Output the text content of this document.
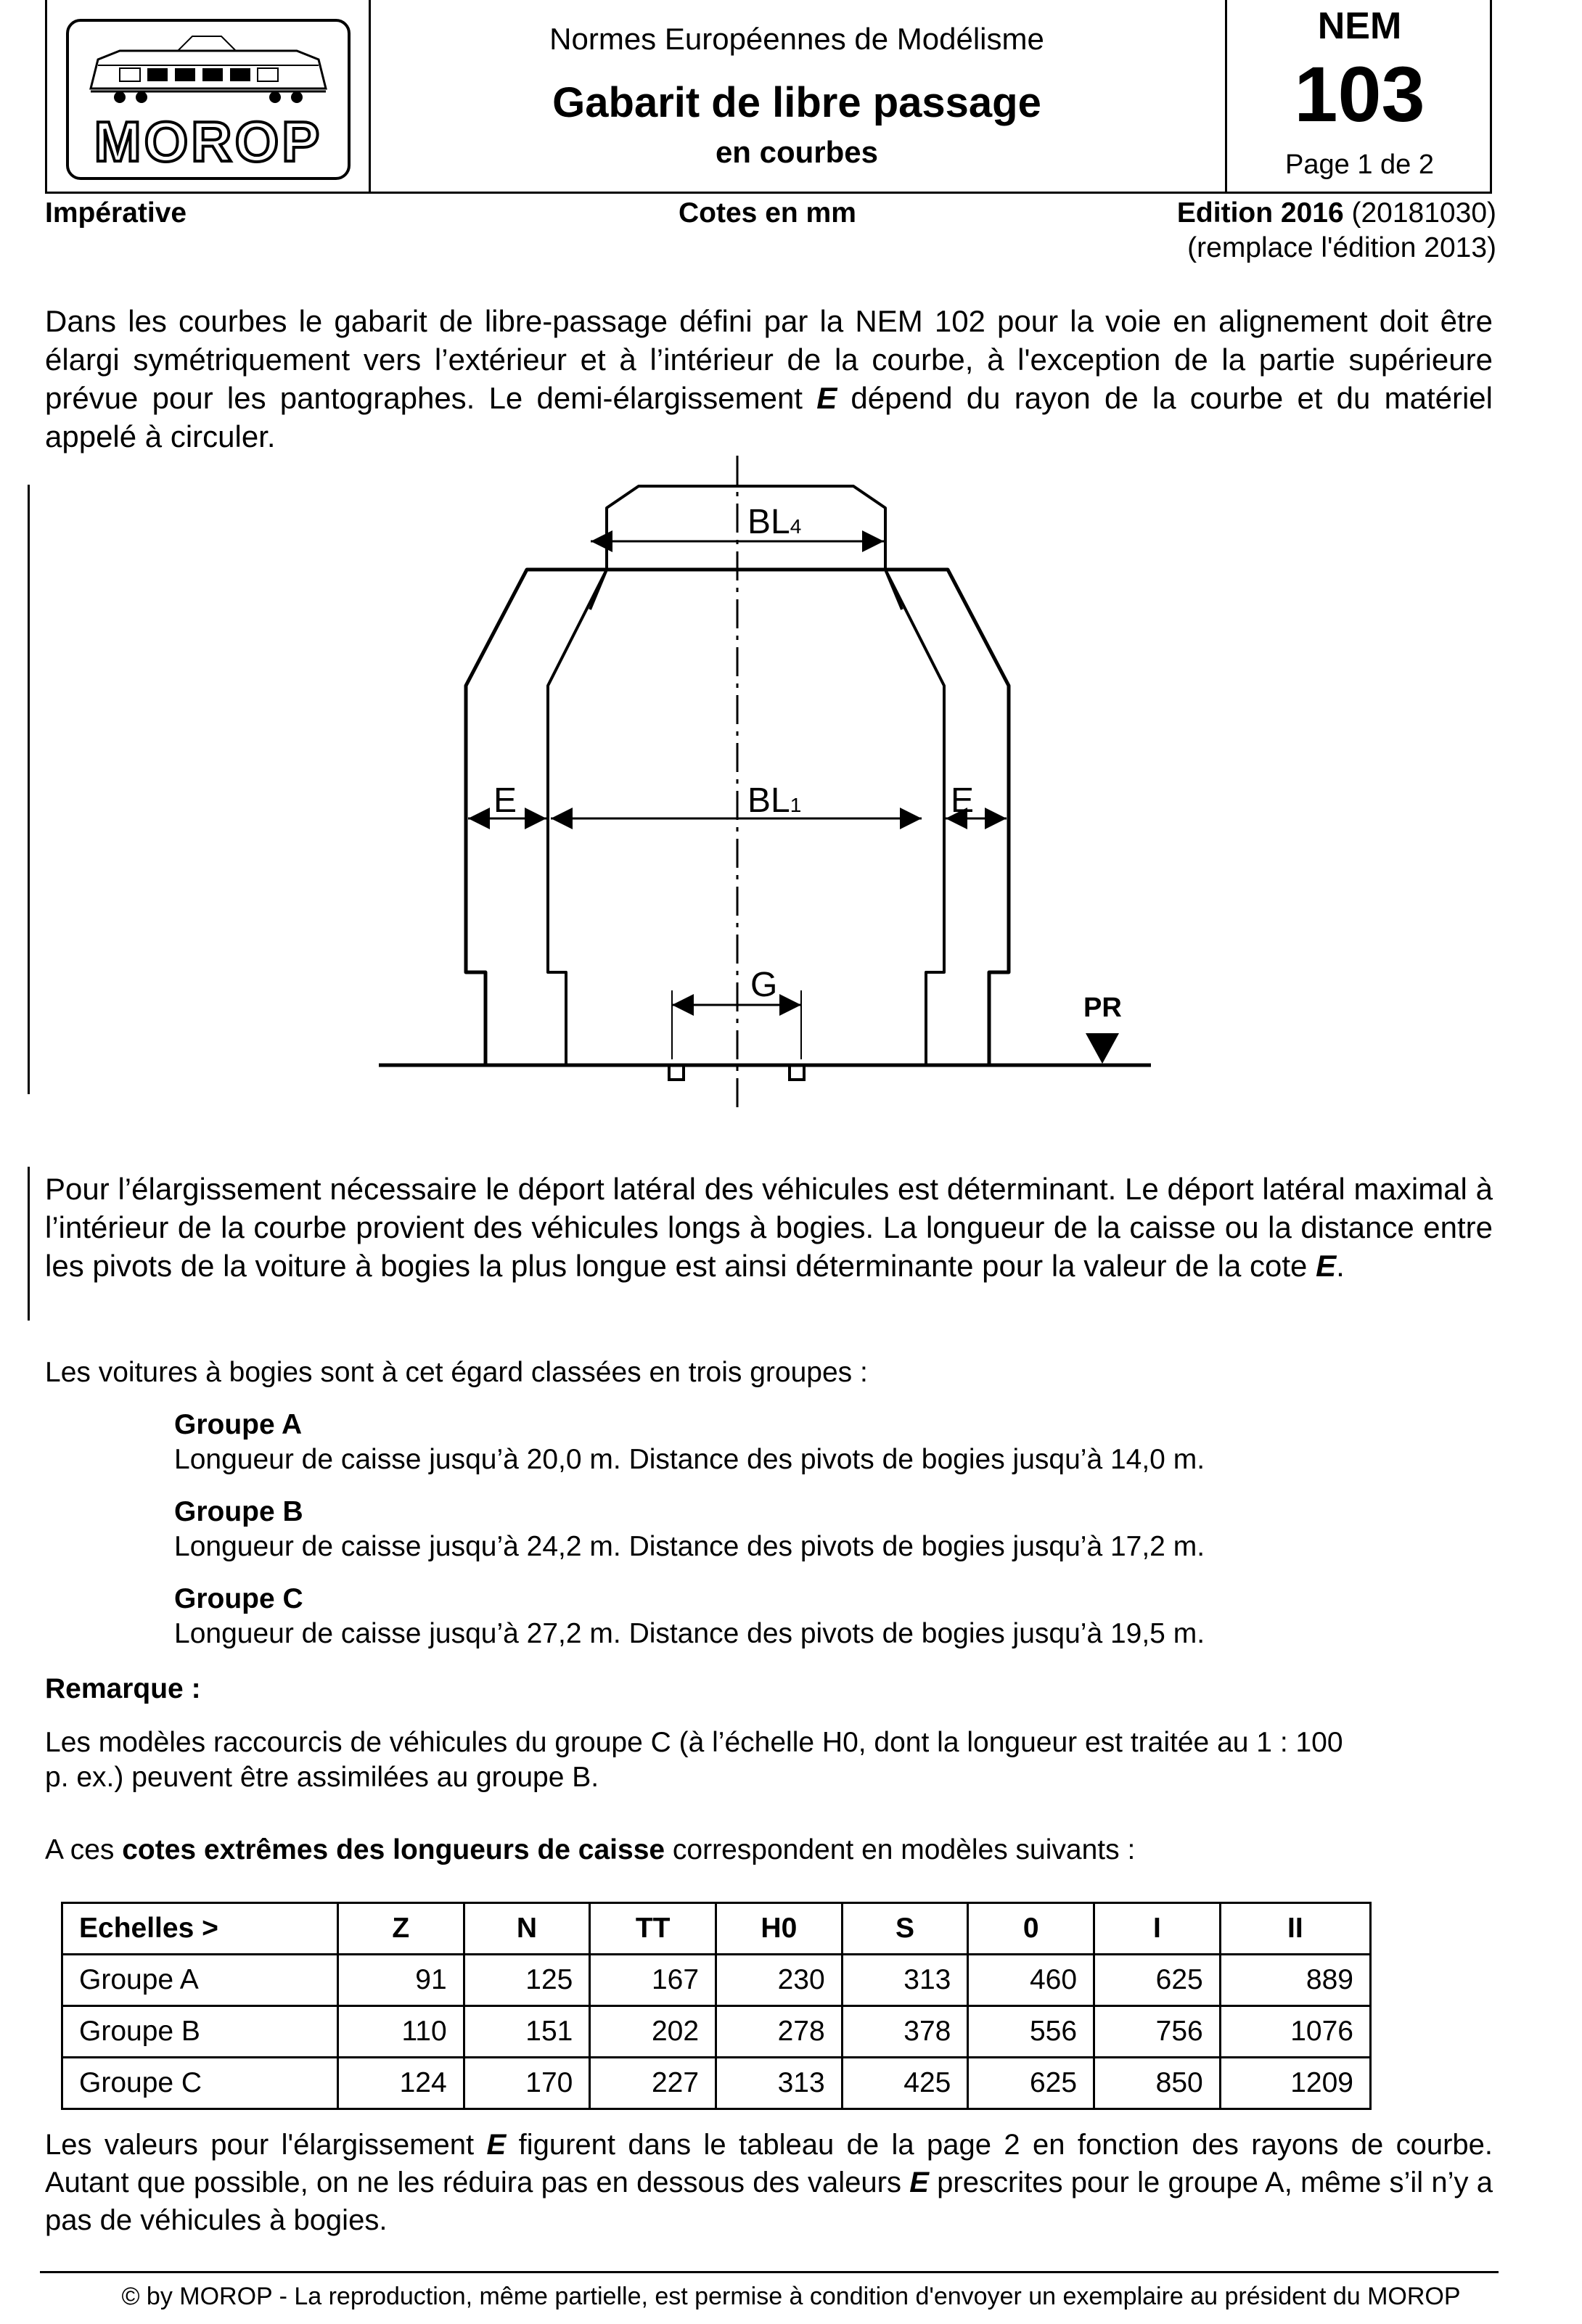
MOROP
Normes Européennes de Modélisme
Gabarit de libre passage
en courbes
NEM
103
Page 1 de 2
Impérative	Cotes en mm	Edition 2016 (20181030)
(remplace l'édition 2013)
Dans les courbes le gabarit de libre-passage défini par la NEM 102 pour la voie en alignement doit être élargi symétriquement vers l’extérieur et à l’intérieur de la courbe, à l'exception de la partie supérieure prévue pour les pantographes. Le demi-élargissement E dépend du rayon de la courbe et du matériel appelé à circuler.
BL4
BL1
E	E
G
PR
Pour l’élargissement nécessaire le déport latéral des véhicules est déterminant. Le déport latéral maximal à l’intérieur de la courbe provient des véhicules longs à bogies. La longueur de la caisse ou la distance entre les pivots de la voiture à bogies la plus longue est ainsi déterminante pour la valeur de la cote E.
Les voitures à bogies sont à cet égard classées en trois groupes :
Groupe A
Longueur de caisse jusqu’à 20,0 m. Distance des pivots de bogies jusqu’à 14,0 m.
Groupe B
Longueur de caisse jusqu’à 24,2 m. Distance des pivots de bogies jusqu’à 17,2 m.
Groupe C
Longueur de caisse jusqu’à 27,2 m. Distance des pivots de bogies jusqu’à 19,5 m.
Remarque :
Les modèles raccourcis de véhicules du groupe C (à l’échelle H0, dont la longueur est traitée au 1 : 100
p. ex.) peuvent être assimilées au groupe B.
A ces cotes extrêmes des longueurs de caisse correspondent en modèles suivants :
Echelles >	Z	N	TT	H0	S	0	I	II
Groupe A	91	125	167	230	313	460	625	889
Groupe B	110	151	202	278	378	556	756	1076
Groupe C	124	170	227	313	425	625	850	1209
Les valeurs pour l'élargissement E figurent dans le tableau de la page 2 en fonction des rayons de courbe. Autant que possible, on ne les réduira pas en dessous des valeurs E prescrites pour le groupe A, même s’il n’y a pas de véhicules à bogies.
© by MOROP - La reproduction, même partielle, est permise à condition d'envoyer un exemplaire au président du MOROP
